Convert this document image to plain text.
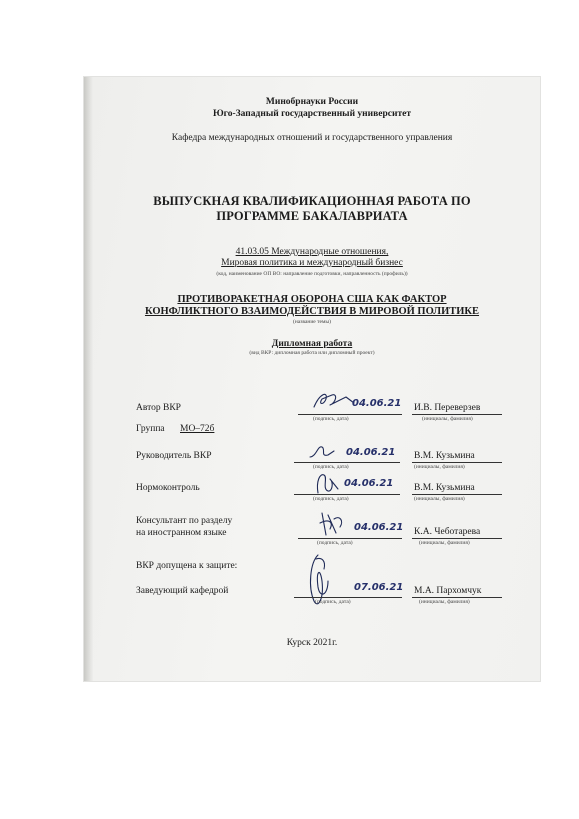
Минобрнауки России
Юго-Западный государственный университет
Кафедра международных отношений и государственного управления
ВЫПУСКНАЯ КВАЛИФИКАЦИОННАЯ РАБОТА ПО
ПРОГРАММЕ БАКАЛАВРИАТА
41.03.05 Международные отношения,
Мировая политика и международный бизнес
(код, наименование ОП ВО: направление подготовки, направленность (профиль))
ПРОТИВОРАКЕТНАЯ ОБОРОНА США КАК ФАКТОР
КОНФЛИКТНОГО ВЗАИМОДЕЙСТВИЯ В МИРОВОЙ ПОЛИТИКЕ
(название темы)
Дипломная работа
(вид ВКР: дипломная работа или дипломный проект)
Автор ВКР	04.06.21
(подпись, дата)
И.В. Переверзев
(инициалы, фамилия)
Группа МО–72б
Руководитель ВКР	04.06.21
(подпись, дата)
В.М. Кузьмина
(инициалы, фамилия)
Нормоконтроль	04.06.21
(подпись, дата)
В.М. Кузьмина
(инициалы, фамилия)
Консультант по разделу
на иностранном языке	04.06.21
(подпись, дата)
К.А. Чеботарева
(инициалы, фамилия)
ВКР допущена к защите:
Заведующий кафедрой	07.06.21
(подпись, дата)
М.А. Пархомчук
(инициалы, фамилия)
Курск 2021г.
